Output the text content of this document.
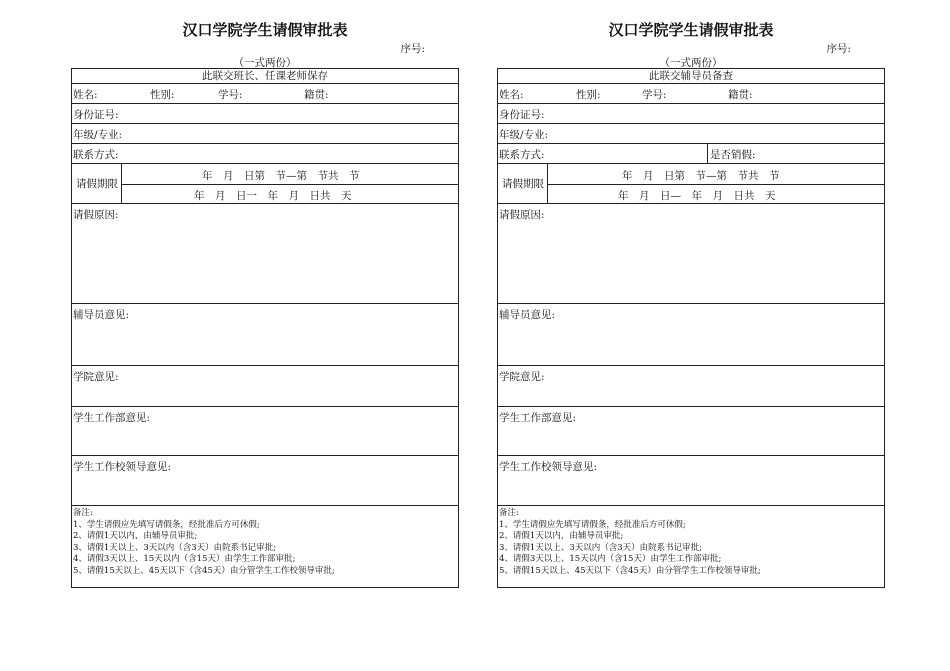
汉口学院学生请假审批表
序号:
（一式两份）
此联交班长、任课老师保存
姓名:	性别:	学号:	籍贯:
身份证号:
年级/专业:
联系方式:
请假期限
年　月　日第　节—第　节共　节
年　月　日一　年　月　日共　天
请假原因:
辅导员意见:
学院意见:
学生工作部意见:
学生工作校领导意见:
备注:
1、学生请假应先填写请假条，经批准后方可休假;
2、请假1天以内，由辅导员审批;
3、请假1天以上、3天以内（含3天）由院系书记审批;
4、请假3天以上、15天以内（含15天）由学生工作部审批;
5、请假15天以上、45天以下（含45天）由分管学生工作校领导审批;
汉口学院学生请假审批表
序号:
（一式两份）
此联交辅导员备查
姓名:	性别:	学号:	籍贯:
身份证号:
年级/专业:
联系方式:	是否销假:
请假期限
年　月　日第　节—第　节共　节
年　月　日—　年　月　日共　天
请假原因:
辅导员意见:
学院意见:
学生工作部意见:
学生工作校领导意见:
备注:
1、学生请假应先填写请假条，经批准后方可休假;
2、请假1天以内，由辅导员审批;
3、请假1天以上、3天以内（含3天）由院系书记审批;
4、请假3天以上、15天以内（含15天）由学生工作部审批;
5、请假15天以上、45天以下（含45天）由分管学生工作校领导审批;
